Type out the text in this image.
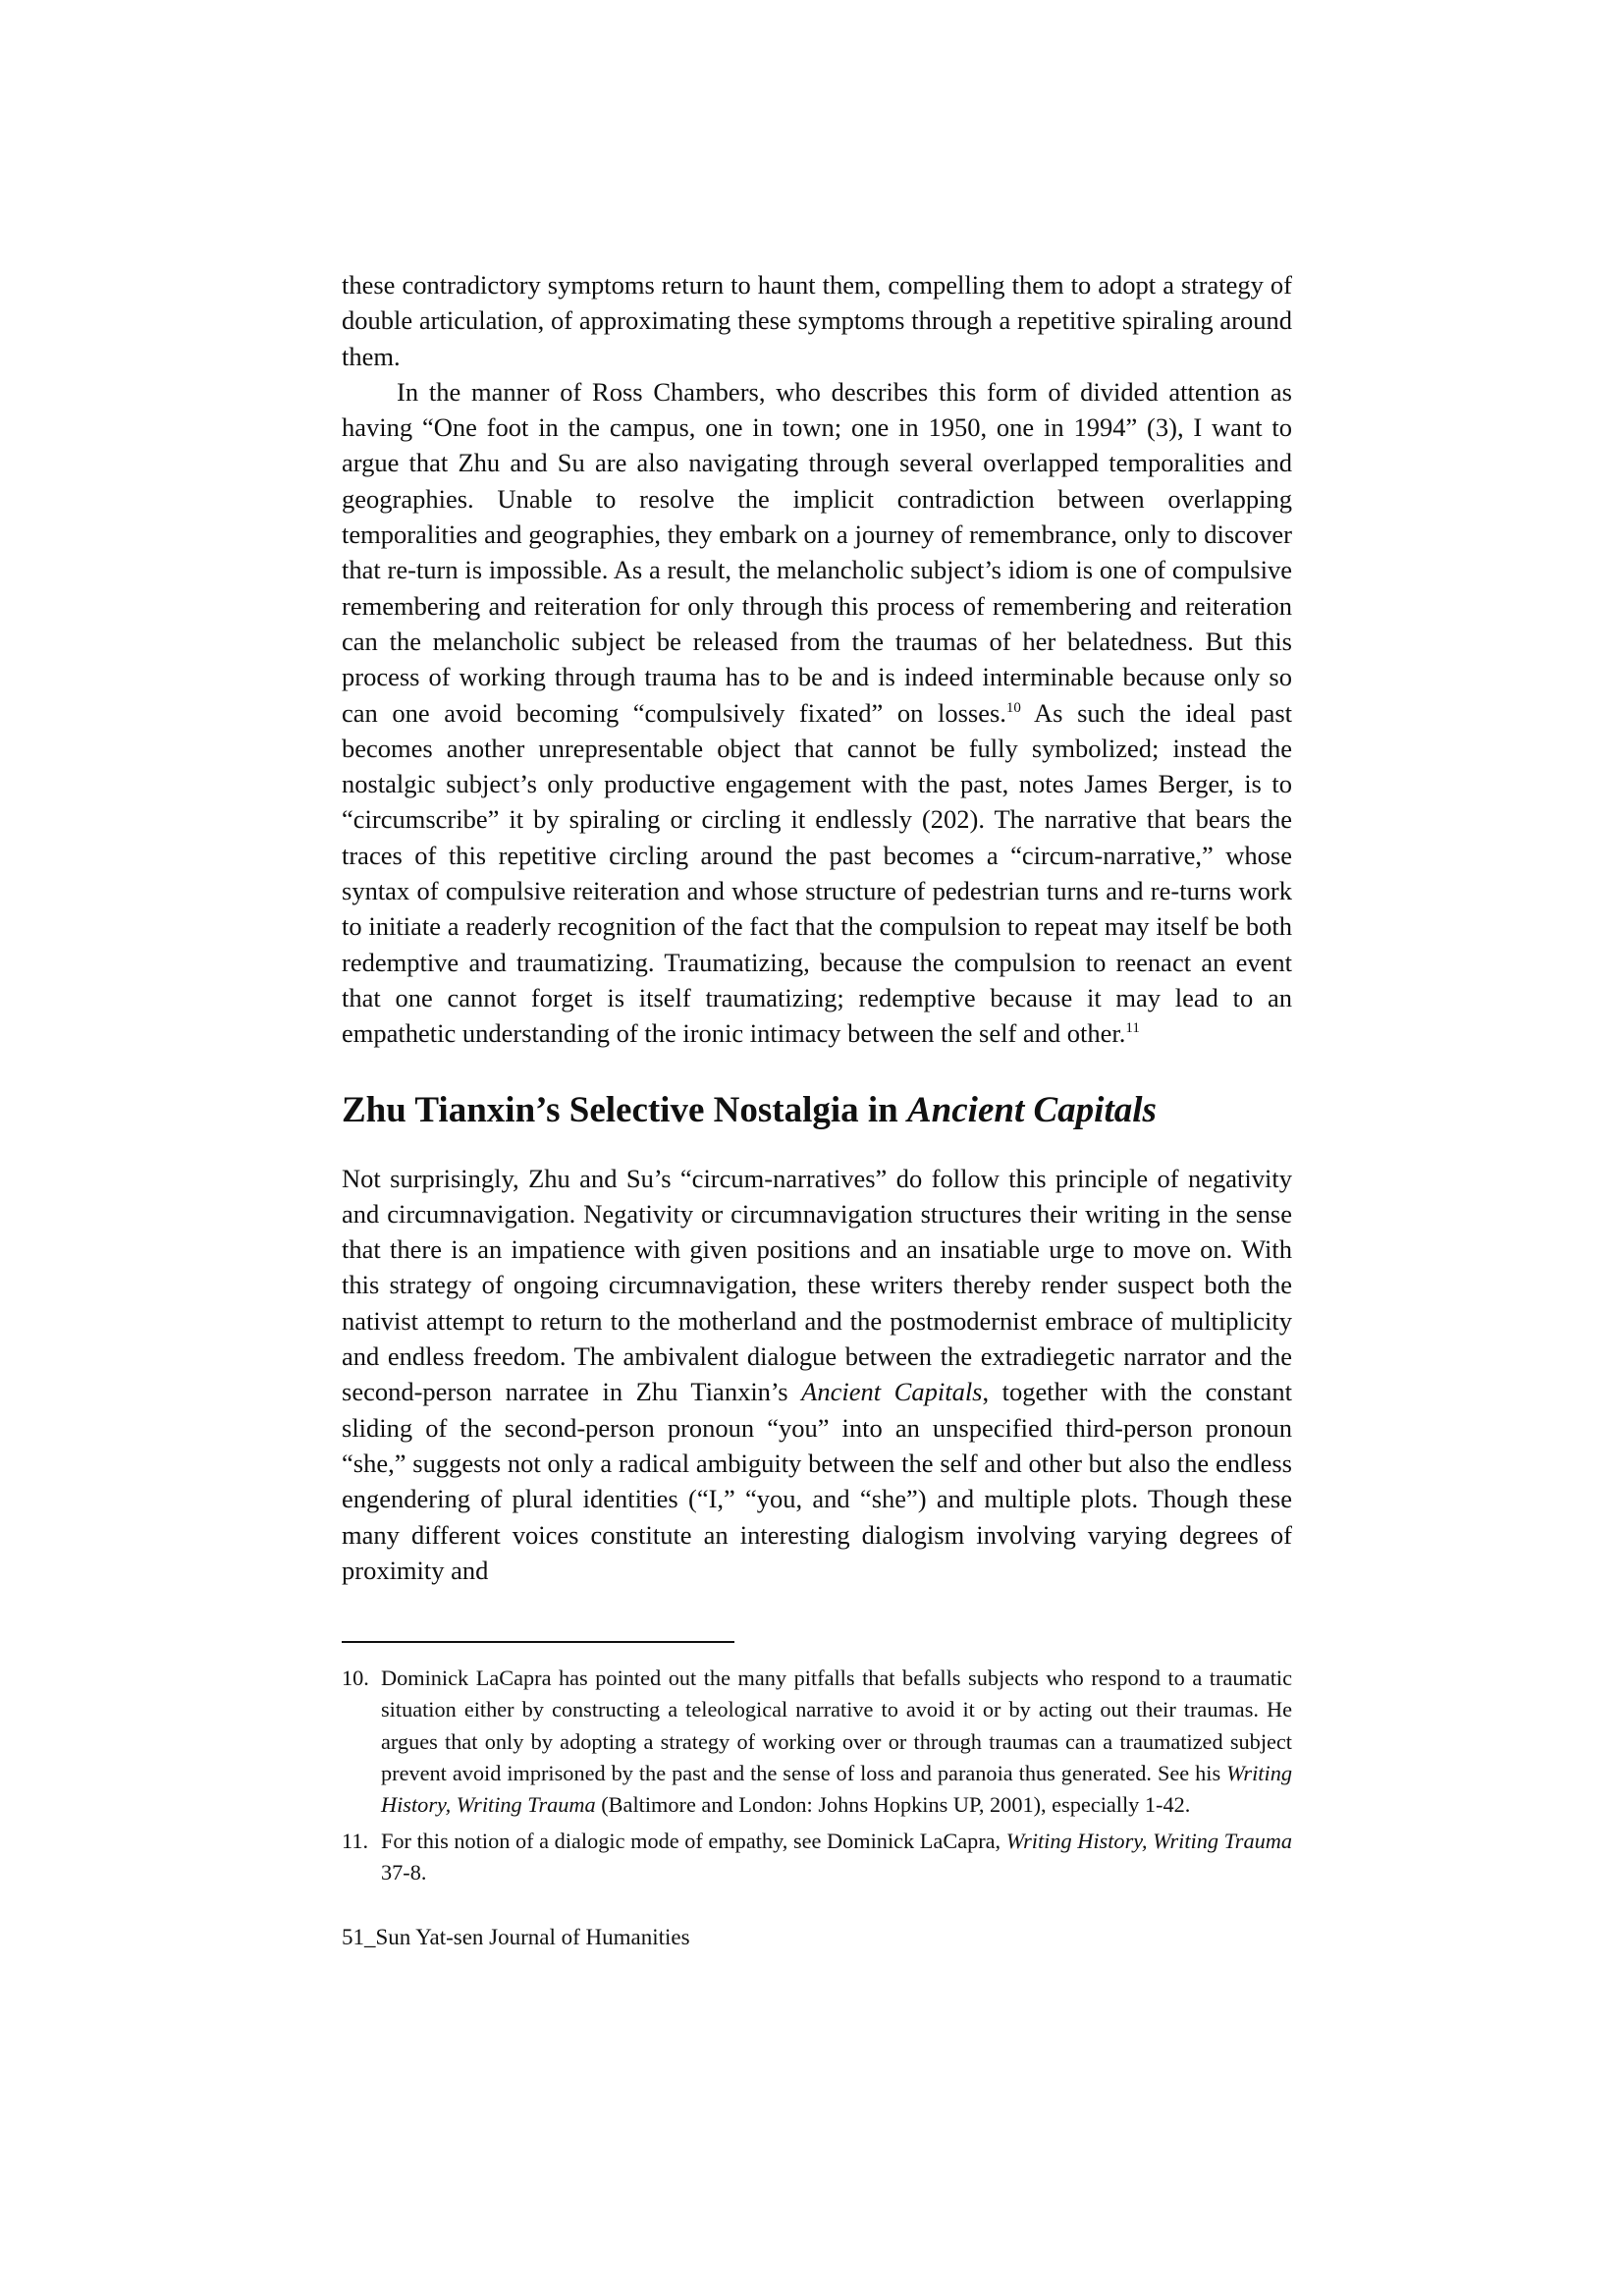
these contradictory symptoms return to haunt them, compelling them to adopt a strategy of double articulation, of approximating these symptoms through a repetitive spiraling around them.

In the manner of Ross Chambers, who describes this form of divided attention as having “One foot in the campus, one in town; one in 1950, one in 1994” (3), I want to argue that Zhu and Su are also navigating through several overlapped temporalities and geographies. Unable to resolve the implicit contradiction between overlapping temporalities and geographies, they embark on a journey of remembrance, only to discover that re-turn is impossible. As a result, the melancholic subject’s idiom is one of compulsive remembering and reiteration for only through this process of remembering and reiteration can the melancholic subject be released from the traumas of her belatedness. But this process of working through trauma has to be and is indeed interminable because only so can one avoid becoming “compulsively fixated” on losses.$^{10}$ As such the ideal past becomes another unrepresentable object that cannot be fully symbolized; instead the nostalgic subject’s only productive engagement with the past, notes James Berger, is to “circumscribe” it by spiraling or circling it endlessly (202). The narrative that bears the traces of this repetitive circling around the past becomes a “circum-narrative,” whose syntax of compulsive reiteration and whose structure of pedestrian turns and re-turns work to initiate a readerly recognition of the fact that the compulsion to repeat may itself be both redemptive and traumatizing. Traumatizing, because the compulsion to reenact an event that one cannot forget is itself traumatizing; redemptive because it may lead to an empathetic understanding of the ironic intimacy between the self and other.$^{11}$

Zhu Tianxin’s Selective Nostalgia in Ancient Capitals

Not surprisingly, Zhu and Su’s “circum-narratives” do follow this principle of negativity and circumnavigation. Negativity or circumnavigation structures their writing in the sense that there is an impatience with given positions and an insatiable urge to move on. With this strategy of ongoing circumnavigation, these writers thereby render suspect both the nativist attempt to return to the motherland and the postmodernist embrace of multiplicity and endless freedom. The ambivalent dialogue between the extradiegetic narrator and the second-person narratee in Zhu Tianxin’s Ancient Capitals, together with the constant sliding of the second-person pronoun “you” into an unspecified third-person pronoun “she,” suggests not only a radical ambiguity between the self and other but also the endless engendering of plural identities (“I,” “you, and “she”) and multiple plots. Though these many different voices constitute an interesting dialogism involving varying degrees of proximity and

10. Dominick LaCapra has pointed out the many pitfalls that befalls subjects who respond to a traumatic situation either by constructing a teleological narrative to avoid it or by acting out their traumas. He argues that only by adopting a strategy of working over or through traumas can a traumatized subject prevent avoid imprisoned by the past and the sense of loss and paranoia thus generated. See his Writing History, Writing Trauma (Baltimore and London: Johns Hopkins UP, 2001), especially 1-42.

11. For this notion of a dialogic mode of empathy, see Dominick LaCapra, Writing History, Writing Trauma 37-8.

51_Sun Yat-sen Journal of Humanities
